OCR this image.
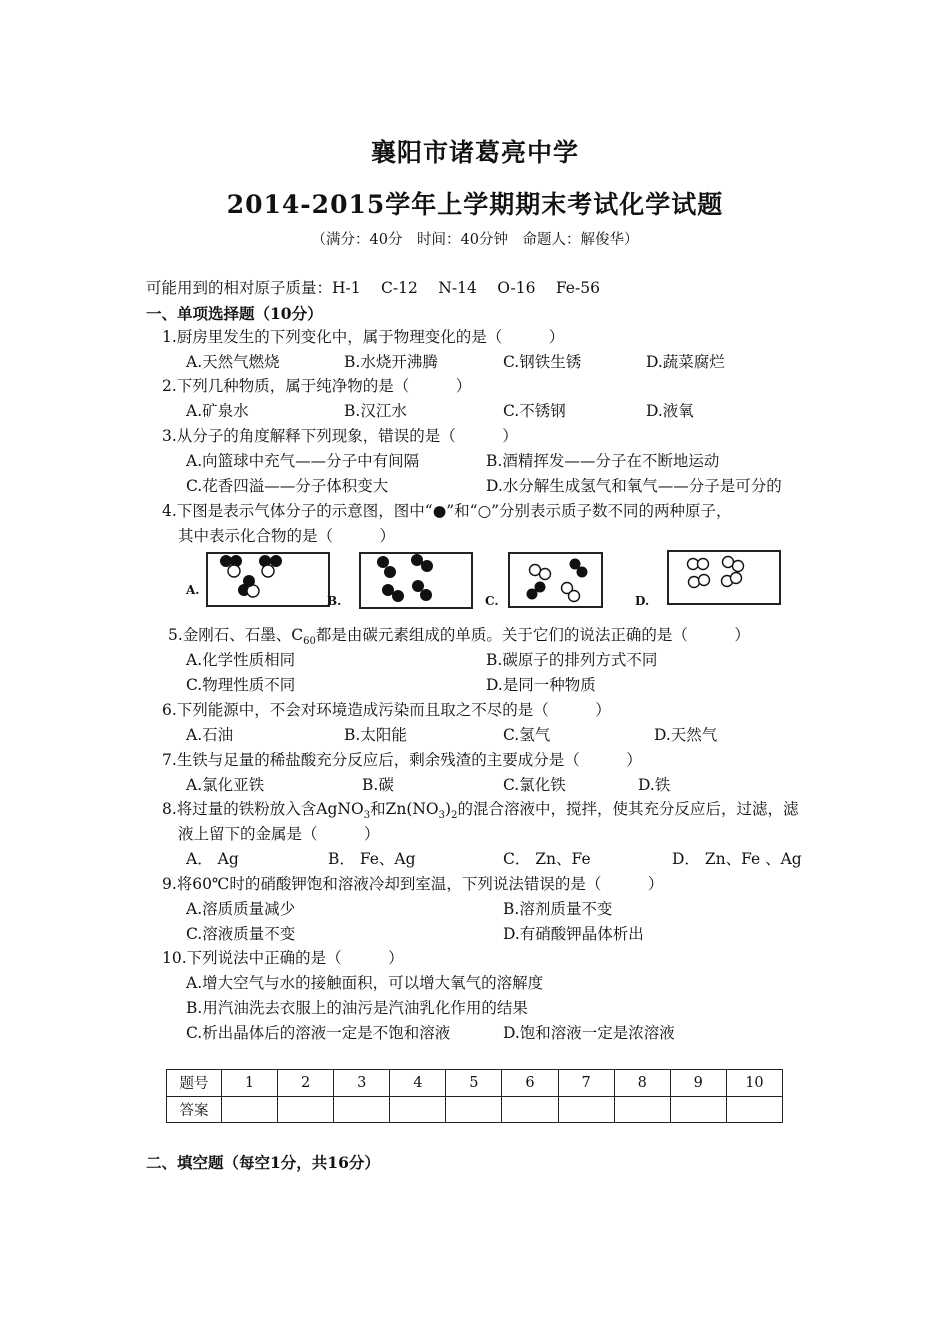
襄阳市诸葛亮中学
2014-2015学年上学期期末考试化学试题
（满分：40分　时间：40分钟　命题人：解俊华）
可能用到的相对原子质量：H-1　 C-12　 N-14　 O-16　 Fe-56
一、单项选择题（10分）
1.厨房里发生的下列变化中，属于物理变化的是（　　　）
A.天然气燃烧	B.水烧开沸腾	C.钢铁生锈	D.蔬菜腐烂
2.下列几种物质，属于纯净物的是（　　　）
A.矿泉水	B.汉江水	C.不锈钢	D.液氧
3.从分子的角度解释下列现象，错误的是（　　　）
A.向篮球中充气——分子中有间隔	B.酒精挥发——分子在不断地运动
C.花香四溢——分子体积变大	D.水分解生成氢气和氧气——分子是可分的
4.下图是表示气体分子的示意图，图中“●”和“○”分别表示质子数不同的两种原子，
其中表示化合物的是（　　　）
A.
B.	C.	D.
5.金刚石、石墨、$C_{60}$都是由碳元素组成的单质。关于它们的说法正确的是（　　　）
A.化学性质相同	B.碳原子的排列方式不同
C.物理性质不同	D.是同一种物质
6.下列能源中，不会对环境造成污染而且取之不尽的是（　　　）
A.石油	B.太阳能	C.氢气	D.天然气
7.生铁与足量的稀盐酸充分反应后，剩余残渣的主要成分是（　　　）
A.氯化亚铁	B.碳	C.氯化铁	D.铁
8.将过量的铁粉放入含AgNO$_3$和$Zn(NO_3)_2$的混合溶液中，搅拌，使其充分反应后，过滤，滤
液上留下的金属是（　　　）
A． Ag	B． Fe、Ag	C． Zn、Fe	D． Zn、Fe 、Ag
9.将60℃时的硝酸钾饱和溶液冷却到室温，下列说法错误的是（　　　）
A.溶质质量减少	B.溶剂质量不变
C.溶液质量不变	D.有硝酸钾晶体析出
10.下列说法中正确的是（　　　）
A.增大空气与水的接触面积，可以增大氧气的溶解度
B.用汽油洗去衣服上的油污是汽油乳化作用的结果
C.析出晶体后的溶液一定是不饱和溶液	D.饱和溶液一定是浓溶液
题号	1	2	3	4	5	6	7	8	9	10
答案										
二、填空题（每空1分，共16分）
